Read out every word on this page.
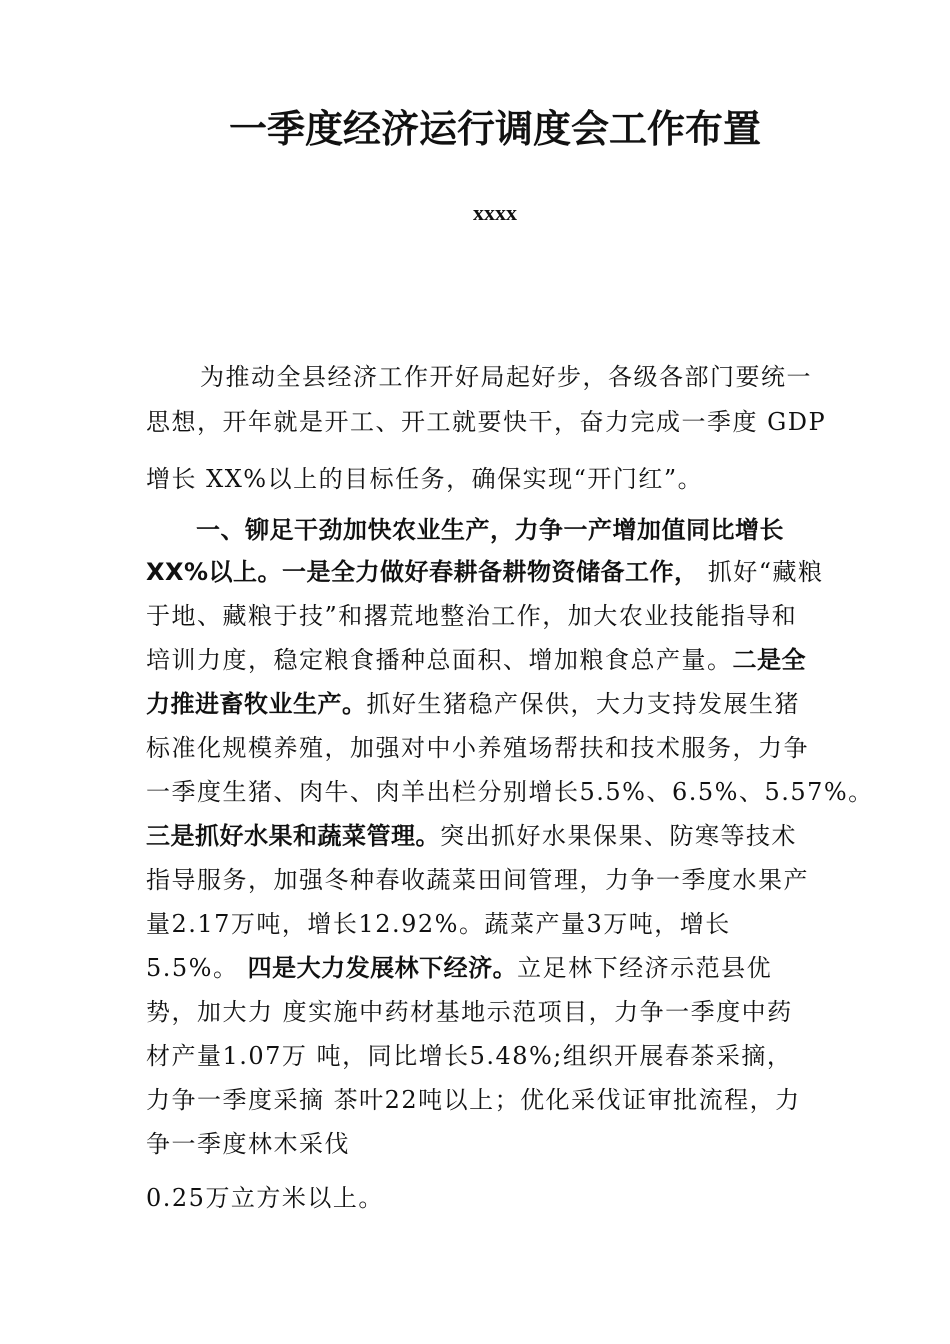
一季度经济运行调度会工作布置
xxxx
为推动全县经济工作开好局起好步，各级各部门要统一
思想，开年就是开工、开工就要快干，奋力完成一季度 GDP
增长 XX%以上的目标任务，确保实现“开门红”。
一、铆足干劲加快农业生产，力争一产增加值同比增长
XX%以上。一是全力做好春耕备耕物资储备工作， 抓好“藏粮
于地、藏粮于技”和撂荒地整治工作，加大农业技能指导和
培训力度，稳定粮食播种总面积、增加粮食总产量。二是全
力推进畜牧业生产。抓好生猪稳产保供，大力支持发展生猪
标准化规模养殖，加强对中小养殖场帮扶和技术服务，力争
一季度生猪、肉牛、肉羊出栏分别增长5.5%、6.5%、5.57%。
三是抓好水果和蔬菜管理。突出抓好水果保果、防寒等技术
指导服务，加强冬种春收蔬菜田间管理，力争一季度水果产
量2.17万吨，增长12.92%。蔬菜产量3万吨，增长
5.5%。 四是大力发展林下经济。立足林下经济示范县优
势，加大力 度实施中药材基地示范项目，力争一季度中药
材产量1.07万 吨，同比增长5.48%;组织开展春茶采摘，
力争一季度采摘 茶叶22吨以上；优化采伐证审批流程，力
争一季度林木采伐
0.25万立方米以上。
